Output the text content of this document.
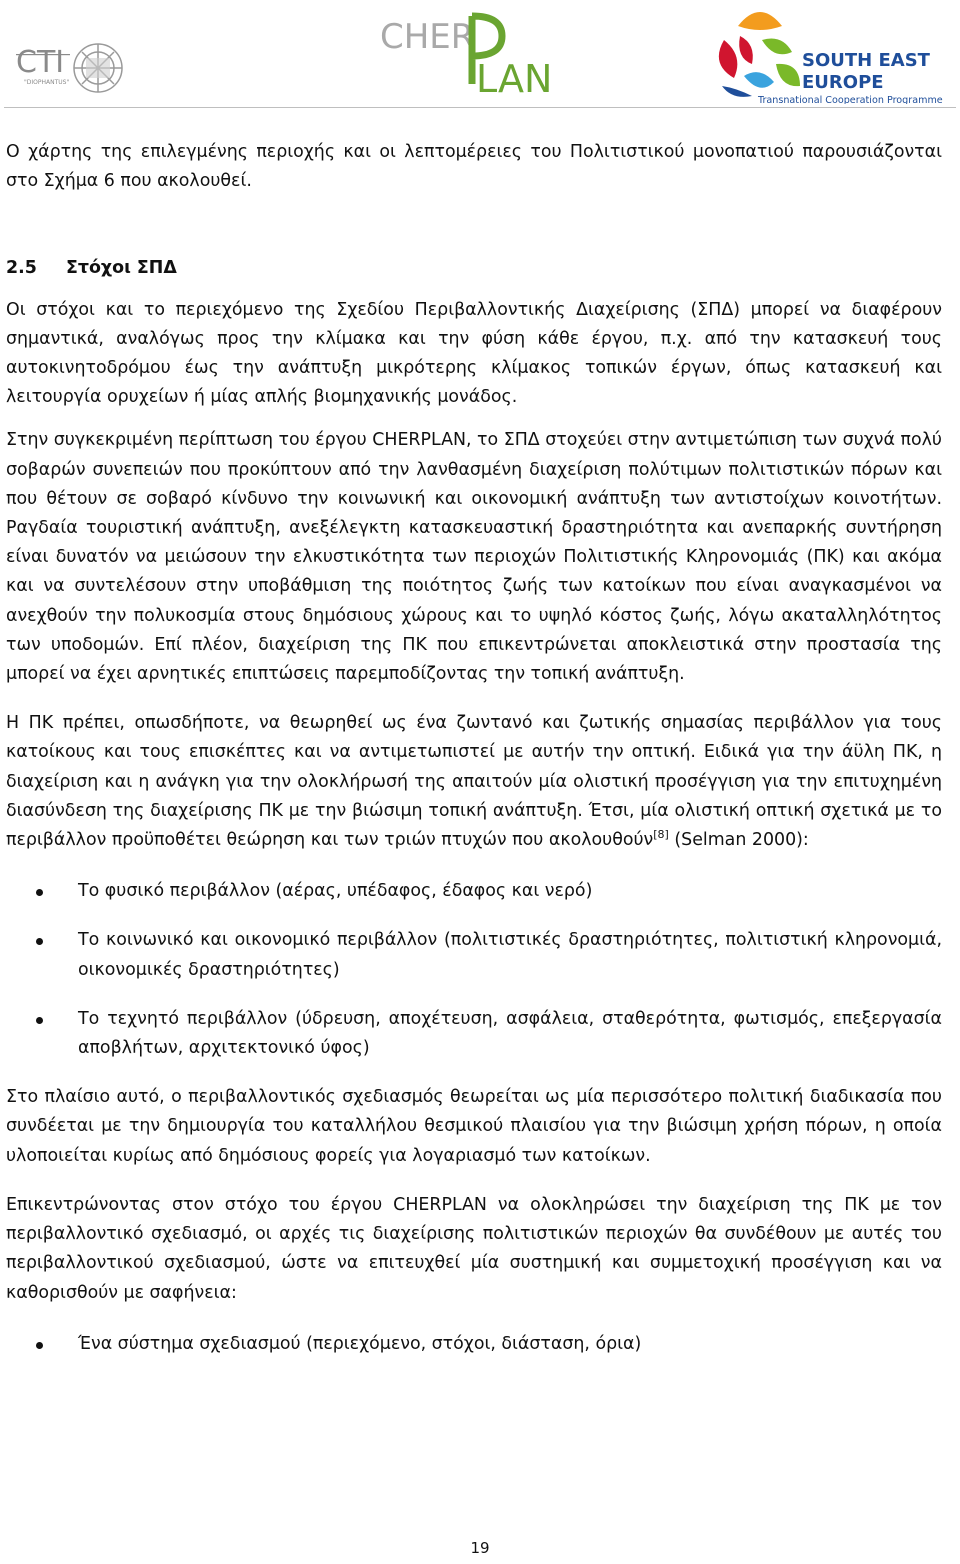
CTI
"DIOPHANTUS"
CHER
LAN	SOUTH EAST
EUROPE
Transnational Cooperation Programme

Ο χάρτης της επιλεγμένης περιοχής και οι λεπτομέρειες του Πολιτιστικού μονοπατιού παρουσιάζονται στο Σχήμα 6 που ακολουθεί.

2.5 Στόχοι ΣΠΔ

Οι στόχοι και το περιεχόμενο της Σχεδίου Περιβαλλοντικής Διαχείρισης (ΣΠΔ) μπορεί να διαφέρουν σημαντικά, αναλόγως προς την κλίμακα και την φύση κάθε έργου, π.χ. από την κατασκευή τους αυτοκινητοδρόμου έως την ανάπτυξη μικρότερης κλίμακος τοπικών έργων, όπως κατασκευή και λειτουργία ορυχείων ή μίας απλής βιομηχανικής μονάδος.

Στην συγκεκριμένη περίπτωση του έργου CHERPLAN, το ΣΠΔ στοχεύει στην αντιμετώπιση των συχνά πολύ σοβαρών συνεπειών που προκύπτουν από την λανθασμένη διαχείριση πολύτιμων πολιτιστικών πόρων και που θέτουν σε σοβαρό κίνδυνο την κοινωνική και οικονομική ανάπτυξη των αντιστοίχων κοινοτήτων. Ραγδαία τουριστική ανάπτυξη, ανεξέλεγκτη κατασκευαστική δραστηριότητα και ανεπαρκής συντήρηση είναι δυνατόν να μειώσουν την ελκυστικότητα των περιοχών Πολιτιστικής Κληρονομιάς (ΠΚ) και ακόμα και να συντελέσουν στην υποβάθμιση της ποιότητος ζωής των κατοίκων που είναι αναγκασμένοι να ανεχθούν την πολυκοσμία στους δημόσιους χώρους και το υψηλό κόστος ζωής, λόγω ακαταλληλότητος των υποδομών. Επί πλέον, διαχείριση της ΠΚ που επικεντρώνεται αποκλειστικά στην προστασία της μπορεί να έχει αρνητικές επιπτώσεις παρεμποδίζοντας την τοπική ανάπτυξη.

Η ΠΚ πρέπει, οπωσδήποτε, να θεωρηθεί ως ένα ζωντανό και ζωτικής σημασίας περιβάλλον για τους κατοίκους και τους επισκέπτες και να αντιμετωπιστεί με αυτήν την οπτική. Ειδικά για την άϋλη ΠΚ, η διαχείριση και η ανάγκη για την ολοκλήρωσή της απαιτούν μία ολιστική προσέγγιση για την επιτυχημένη διασύνδεση της διαχείρισης ΠΚ με την βιώσιμη τοπική ανάπτυξη. Έτσι, μία ολιστική οπτική σχετικά με το περιβάλλον προϋποθέτει θεώρηση και των τριών πτυχών που ακολουθούν[8] (Selman 2000):

Το φυσικό περιβάλλον (αέρας, υπέδαφος, έδαφος και νερό)
Το κοινωνικό και οικονομικό περιβάλλον (πολιτιστικές δραστηριότητες, πολιτιστική κληρονομιά, οικονομικές δραστηριότητες)
Το τεχνητό περιβάλλον (ύδρευση, αποχέτευση, ασφάλεια, σταθερότητα, φωτισμός, επεξεργασία αποβλήτων, αρχιτεκτονικό ύφος)

Στο πλαίσιο αυτό, ο περιβαλλοντικός σχεδιασμός θεωρείται ως μία περισσότερο πολιτική διαδικασία που συνδέεται με την δημιουργία του καταλλήλου θεσμικού πλαισίου για την βιώσιμη χρήση πόρων, η οποία υλοποιείται κυρίως από δημόσιους φορείς για λογαριασμό των κατοίκων.

Επικεντρώνοντας στον στόχο του έργου CHERPLAN να ολοκληρώσει την διαχείριση της ΠΚ με τον περιβαλλοντικό σχεδιασμό, οι αρχές τις διαχείρισης πολιτιστικών περιοχών θα συνδέθουν με αυτές του περιβαλλοντικού σχεδιασμού, ώστε να επιτευχθεί μία συστημική και συμμετοχική προσέγγιση και να καθορισθούν με σαφήνεια:

Ένα σύστημα σχεδιασμού (περιεχόμενο, στόχοι, διάσταση, όρια)
19
